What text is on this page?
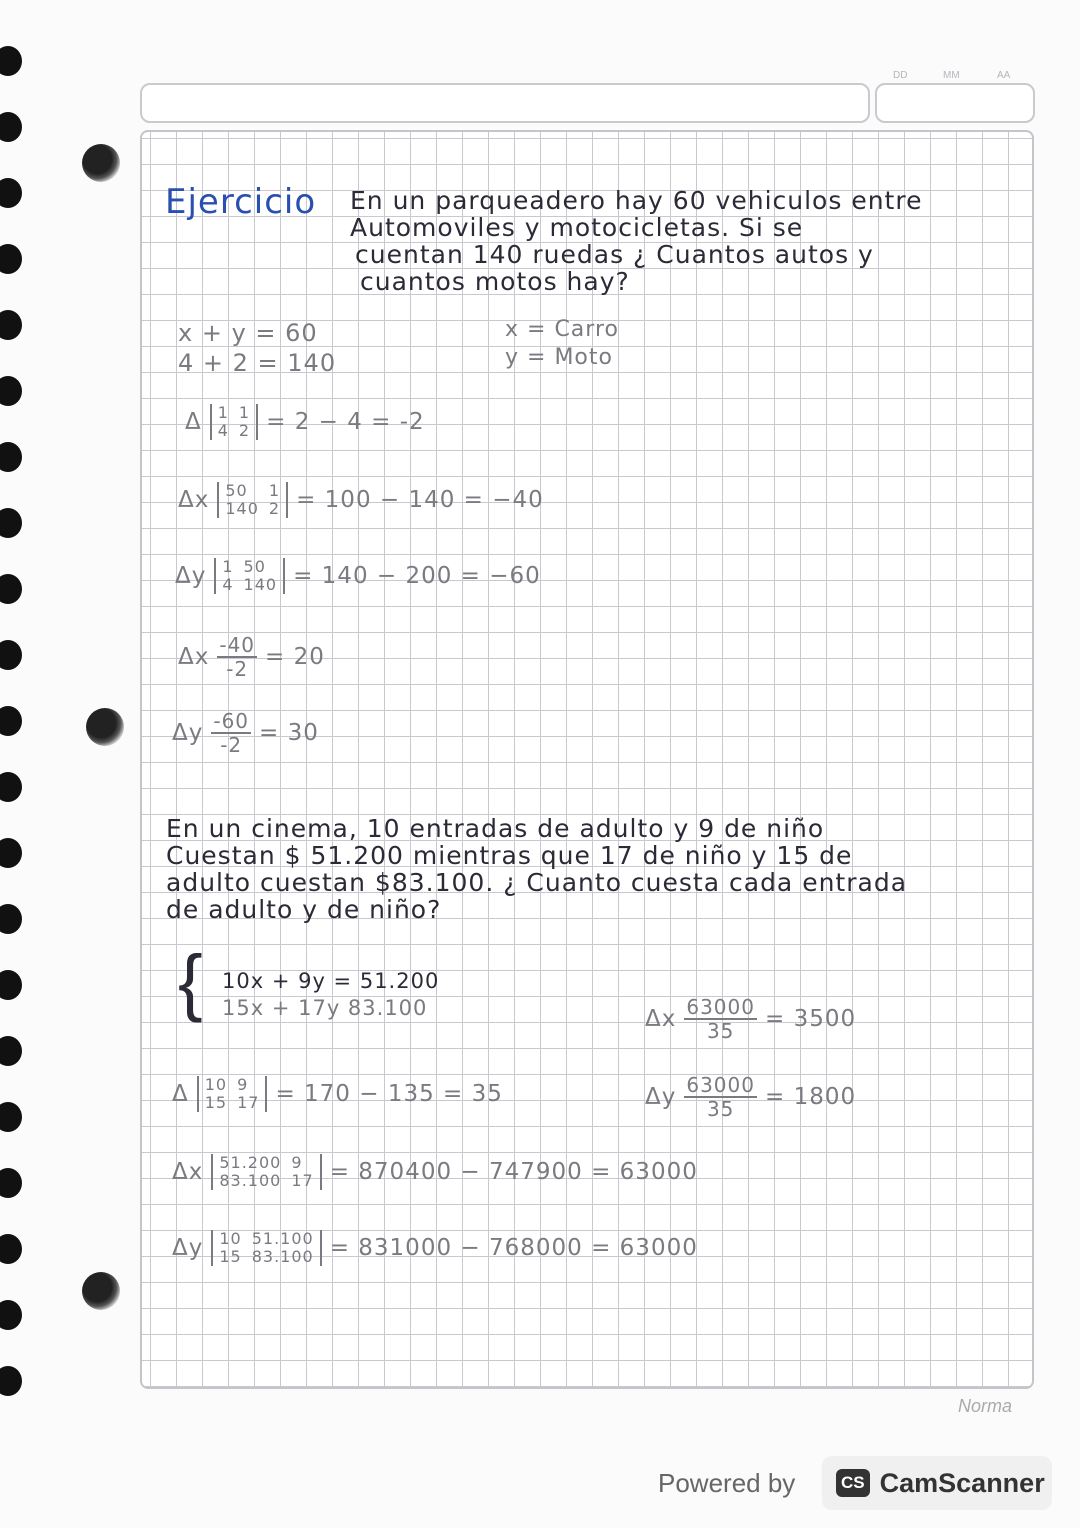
DD	MM	AA
Ejercicio En un parqueadero hay 60 vehiculos entre
Automoviles y motocicletas. Si se
cuentan 140 ruedas ¿ Cuantos autos y
cuantos motos hay?
x = Carro
y = Moto
x + y = 60
4 + 2 = 140
Δ 1 1
4 2 = 2 − 4 = -2
Δx 50	1
140 2 = 100 − 140 = −40
Δy 1 50
4 140 = 140 − 200 = −60
Δx $\frac{-40}{-2} = 20$
Δy $\frac{-60}{-2} = 30$
En un cinema, 10 entradas de adulto y 9 de niño
Cuestan $ 51.200 mientras que 17 de niño y 15 de
adulto cuestan $83.100. ¿ Cuanto cuesta cada entrada
de adulto y de niño?
{ 10x + 9y = 51.200
15x + 17y 83.100
Δ 10 9
15 17 = 170 − 135 = 35
Δx 51.200 9
83.100 17 = 870400 − 747900 = 63000
Δy 10 51.100
15 83.100 = 831000 − 768000 = 63000
Δx $\frac{63000}{35} = 3500$
Δy $\frac{63000}{35} = 1800$
Norma
Powered by	CS CamScanner
